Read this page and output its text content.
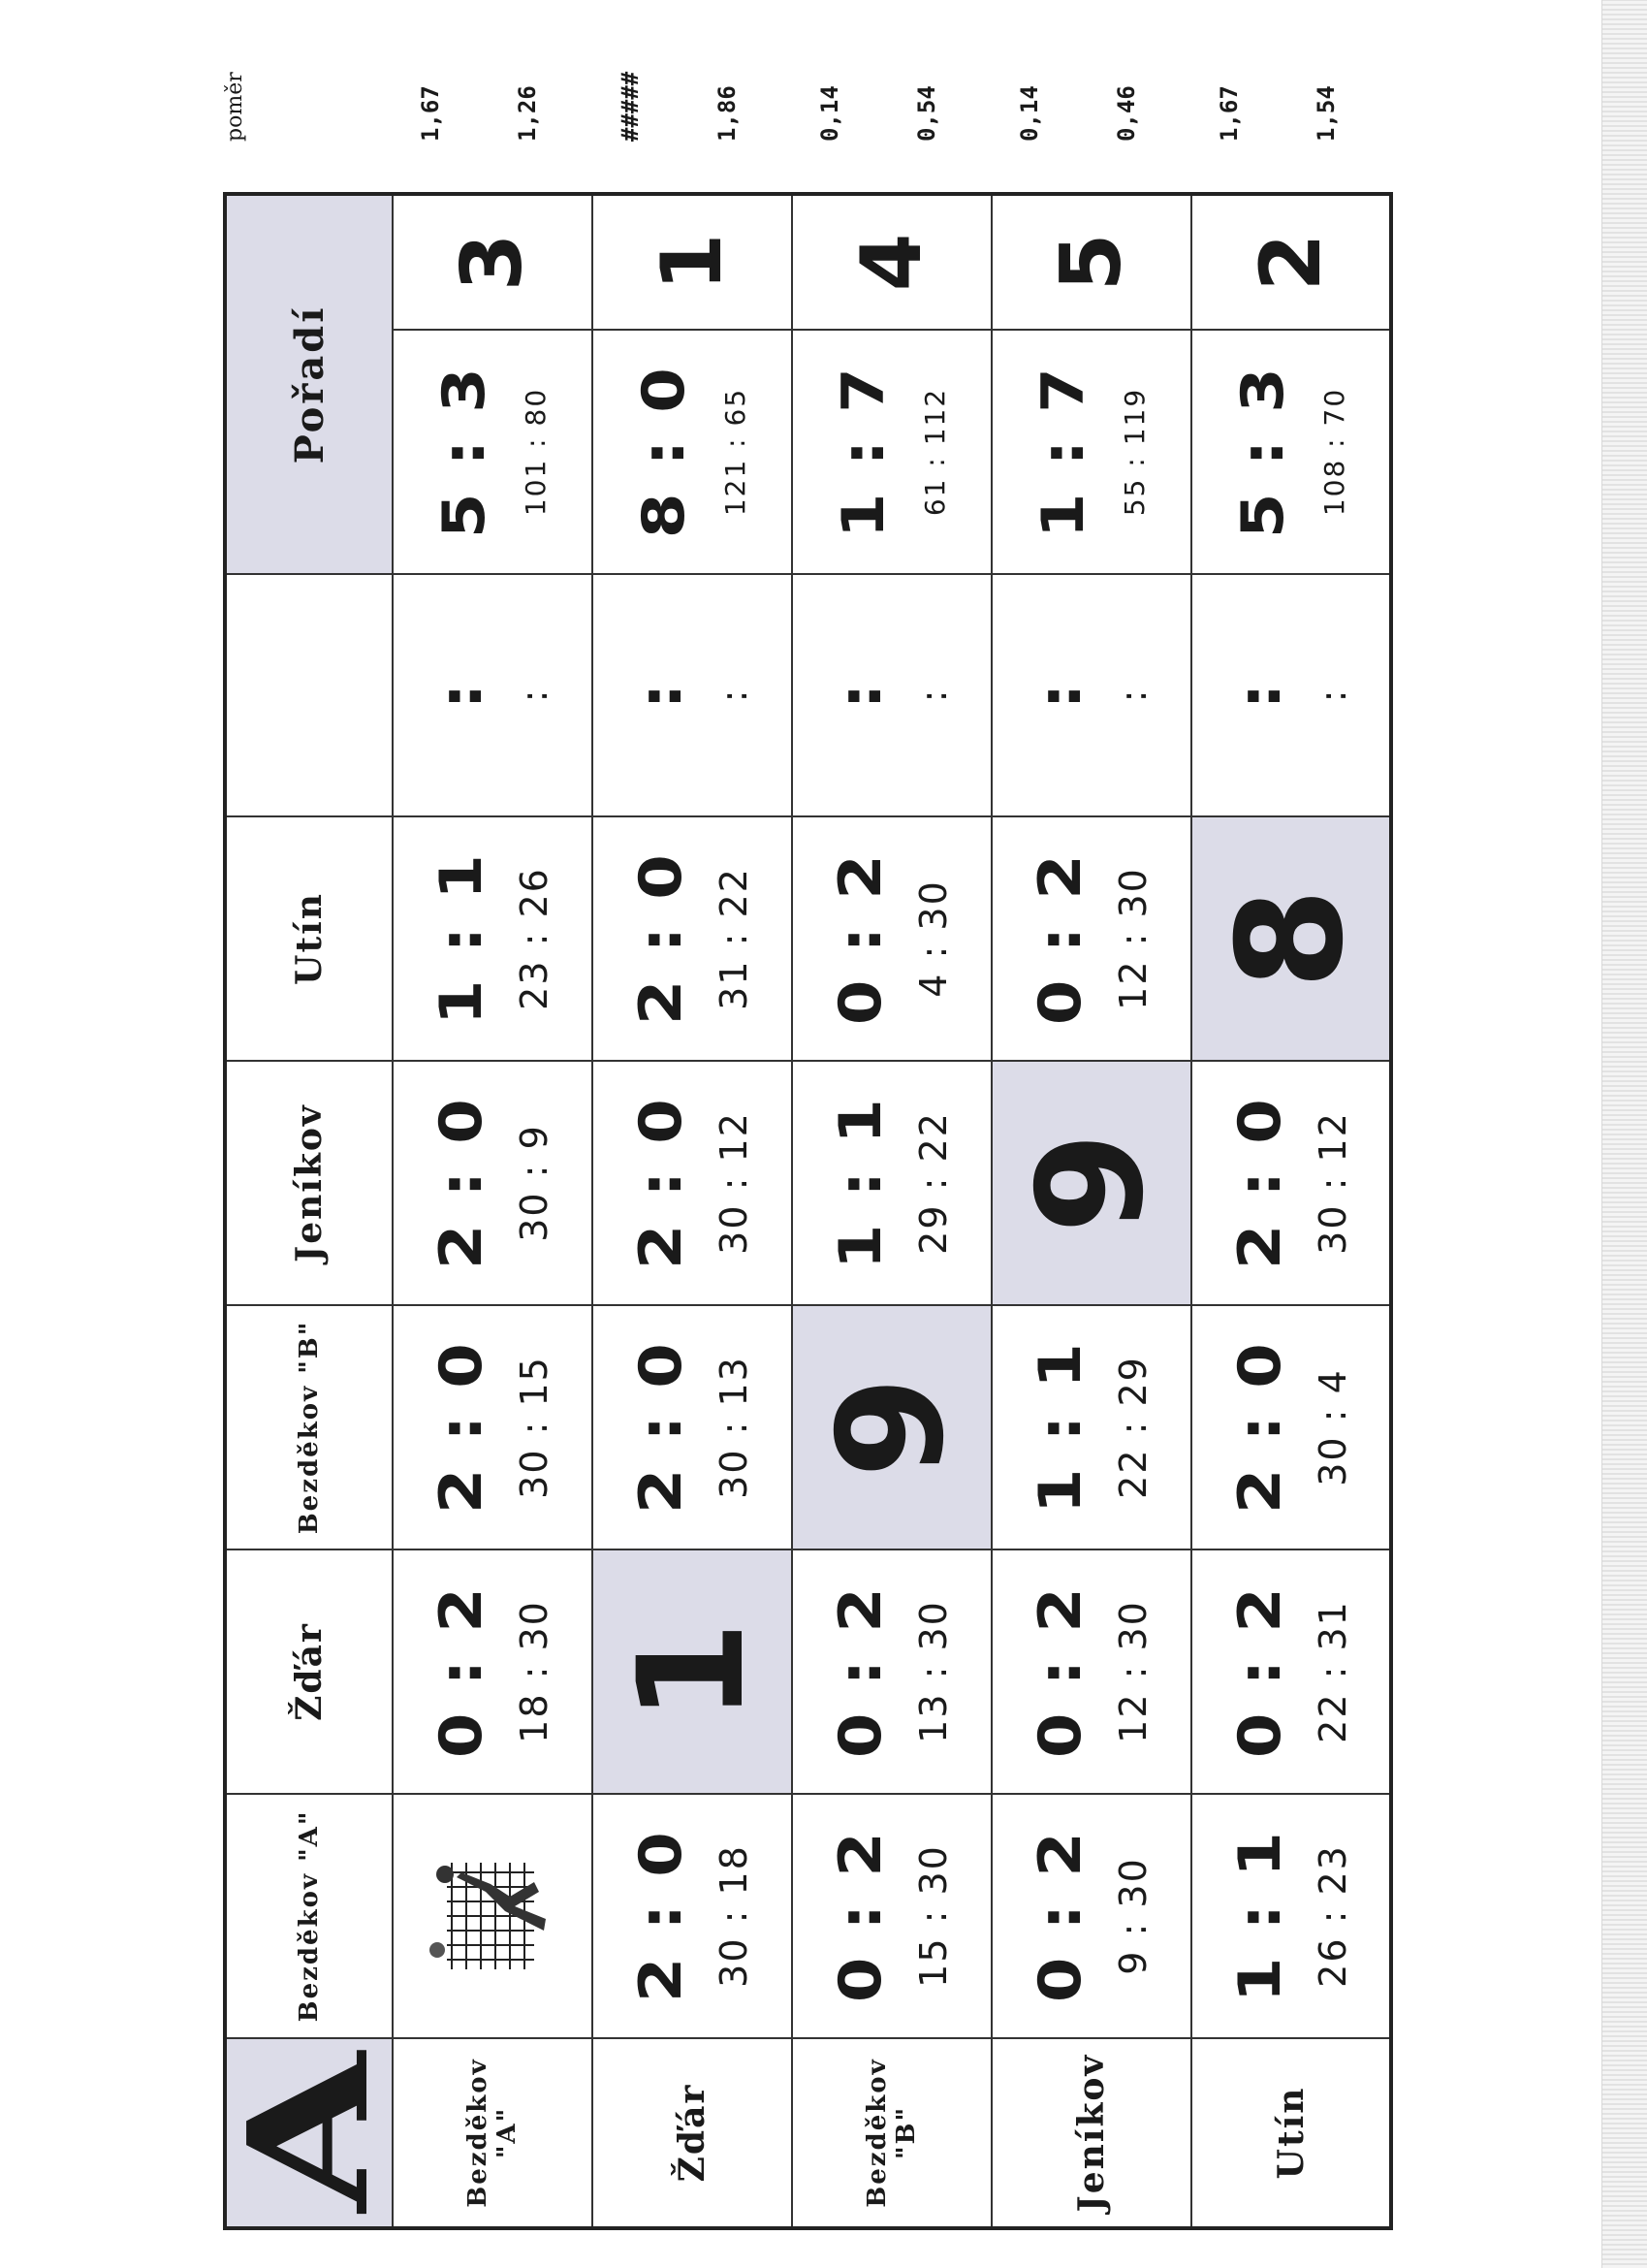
A	Bezděkov "A"	Žďár	Bezděkov "B"	Jeníkov	Utín		Pořadí	
Bezděkov "A"		0 : 2 18 : 30	2 : 0 30 : 15	2 : 0 30 : 9	1 : 1 23 : 26	: :	5 : 3 101 : 80	3
Žďár	2 : 0 30 : 18	1	2 : 0 30 : 13	2 : 0 30 : 12	2 : 0 31 : 22	: :	8 : 0 121 : 65	1
Bezděkov "B"	0 : 2 15 : 30	0 : 2 13 : 30	9	1 : 1 29 : 22	0 : 2 4 : 30	: :	1 : 7 61 : 112	4
Jeníkov	0 : 2 9 : 30	0 : 2 12 : 30	1 : 1 22 : 29	9	0 : 2 12 : 30	: :	1 : 7 55 : 119	5
Utín	1 : 1 26 : 23	0 : 2 22 : 31	2 : 0 30 : 4	2 : 0 30 : 12	8	: :	5 : 3 108 : 70	2
poměr	1,67	1,26	#####	1,86	0,14	0,54	0,14	0,46	1,67	1,54
